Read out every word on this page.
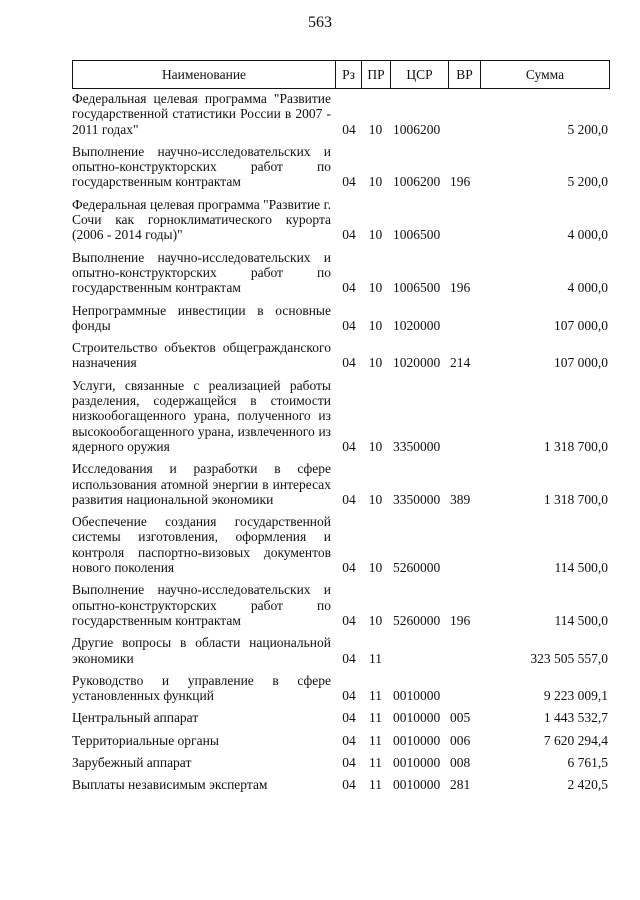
563
Наименование	Рз ПР	ЦСР	ВР	Сумма
Федеральная целевая программа "Развитие государственной статистики России в 2007 - 2011 годах"	04 10 1006200	5 200,0
Выполнение научно-исследовательских и опытно-конструкторских работ по государственным контрактам	04 10 1006200 196	5 200,0
Федеральная целевая программа "Развитие г. Сочи как горноклиматического курорта (2006 - 2014 годы)"	04 10 1006500	4 000,0
Выполнение научно-исследовательских и опытно-конструкторских работ по государственным контрактам	04 10 1006500 196	4 000,0
Непрограммные инвестиции в основные фонды	04 10 1020000	107 000,0
Строительство объектов общегражданского назначения	04 10 1020000 214	107 000,0
Услуги, связанные с реализацией работы разделения, содержащейся в стоимости низкообогащенного урана, полученного из высокообогащенного урана, извлеченного из ядерного оружия	04 10 3350000	1 318 700,0
Исследования и разработки в сфере использования атомной энергии в интересах развития национальной экономики	04 10 3350000 389	1 318 700,0
Обеспечение создания государственной системы изготовления, оформления и контроля паспортно-визовых документов нового поколения	04 10 5260000	114 500,0
Выполнение научно-исследовательских и опытно-конструкторских работ по государственным контрактам	04 10 5260000 196	114 500,0
Другие вопросы в области национальной экономики	04 11	323 505 557,0
Руководство и управление в сфере установленных функций	04 11 0010000	9 223 009,1
Центральный аппарат	04 11 0010000 005	1 443 532,7
Территориальные органы	04 11 0010000 006	7 620 294,4
Зарубежный аппарат	04 11 0010000 008	6 761,5
Выплаты независимым экспертам	04 11 0010000 281	2 420,5
